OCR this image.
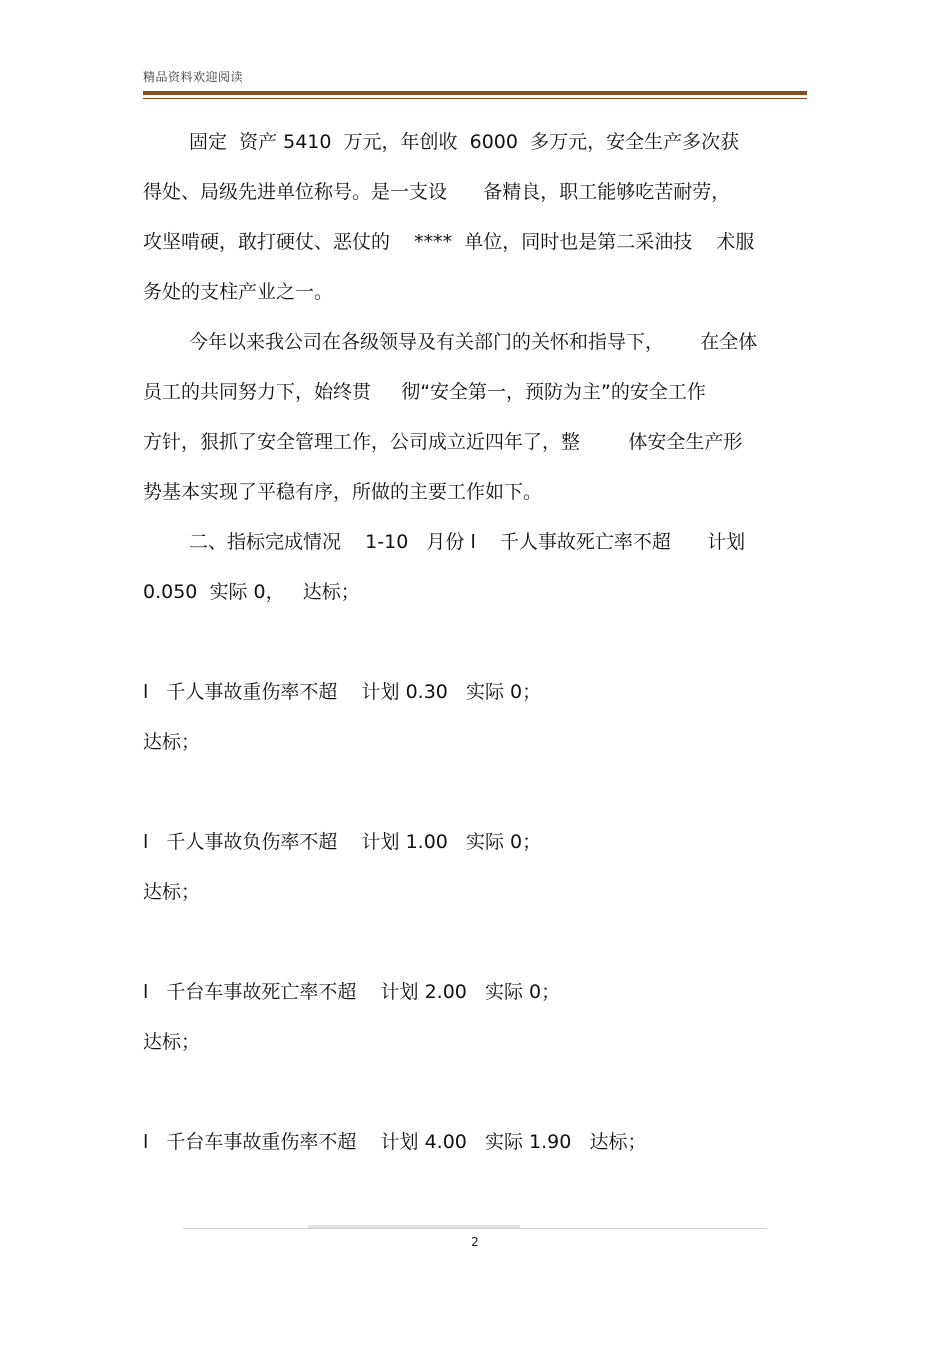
精品资料欢迎阅读
固定  资产 5410  万元，年创收  6000  多万元，安全生产多次获
得处、局级先进单位称号。是一支设      备精良，职工能够吃苦耐劳，
攻坚啃硬，敢打硬仗、恶仗的    ****  单位，同时也是第二采油技    术服
务处的支柱产业之一。
今年以来我公司在各级领导及有关部门的关怀和指导下，      在全体
员工的共同努力下，始终贯     彻“安全第一，预防为主”的安全工作
方针，狠抓了安全管理工作，公司成立近四年了，整        体安全生产形
势基本实现了平稳有序，所做的主要工作如下。
二、指标完成情况    1-10   月份 l    千人事故死亡率不超      计划
0.050  实际 0，   达标；
l   千人事故重伤率不超    计划 0.30   实际 0；
达标；
l   千人事故负伤率不超    计划 1.00   实际 0；
达标；
l   千台车事故死亡率不超    计划 2.00   实际 0；
达标；
l   千台车事故重伤率不超    计划 4.00   实际 1.90   达标；
2
